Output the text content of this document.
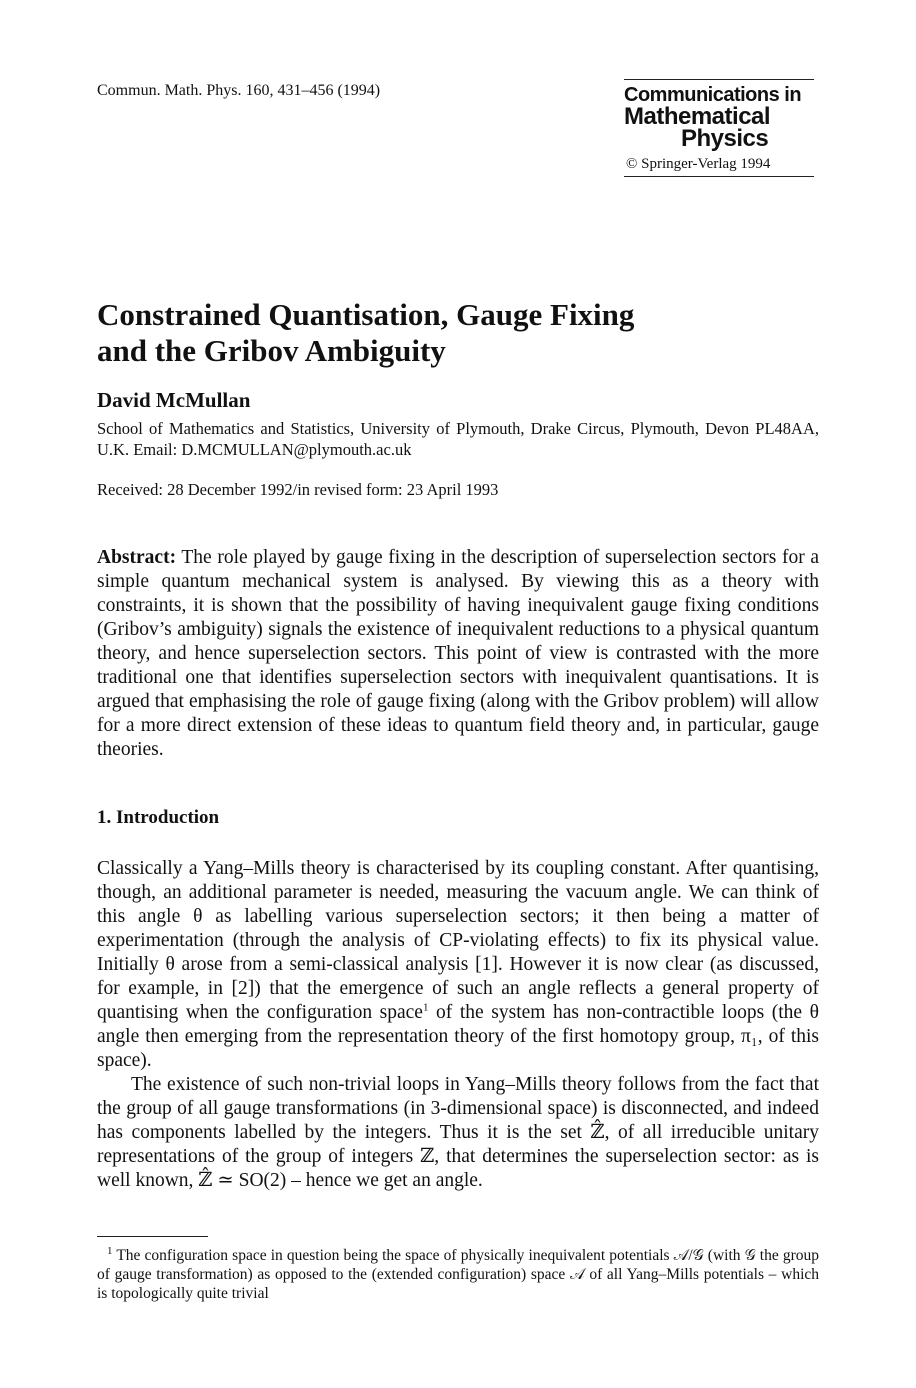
Commun. Math. Phys. 160, 431–456 (1994)	Communications in
Mathematical
Physics
© Springer-Verlag 1994
Constrained Quantisation, Gauge Fixing
and the Gribov Ambiguity
David McMullan
School of Mathematics and Statistics, University of Plymouth, Drake Circus, Plymouth, Devon PL48AA, U.K. Email: D.MCMULLAN@plymouth.ac.uk
Received: 28 December 1992/in revised form: 23 April 1993
Abstract: The role played by gauge fixing in the description of superselection sectors for a simple quantum mechanical system is analysed. By viewing this as a theory with constraints, it is shown that the possibility of having inequivalent gauge fixing conditions (Gribov’s ambiguity) signals the existence of inequivalent reductions to a physical quantum theory, and hence superselection sectors. This point of view is contrasted with the more traditional one that identifies superselection sectors with inequivalent quantisations. It is argued that emphasising the role of gauge fixing (along with the Gribov problem) will allow for a more direct extension of these ideas to quantum field theory and, in particular, gauge theories.
1. Introduction

Classically a Yang–Mills theory is characterised by its coupling constant. After quantising, though, an additional parameter is needed, measuring the vacuum angle. We can think of this angle θ as labelling various superselection sectors; it then being a matter of experimentation (through the analysis of CP-violating effects) to fix its physical value. Initially θ arose from a semi-classical analysis [1]. However it is now clear (as discussed, for example, in [2]) that the emergence of such an angle reflects a general property of quantising when the configuration space$^1$ of the system has non-contractible loops (the θ angle then emerging from the representation theory of the first homotopy group, π₁, of this space).

The existence of such non-trivial loops in Yang–Mills theory follows from the fact that the group of all gauge transformations (in 3-dimensional space) is disconnected, and indeed has components labelled by the integers. Thus it is the set ℤ̂, of all irreducible unitary representations of the group of integers ℤ, that determines the superselection sector: as is well known, ℤ̂ ≃ SO(2) – hence we get an angle.

$^1$ The configuration space in question being the space of physically inequivalent potentials 𝒜/𝒢 (with 𝒢 the group of gauge transformation) as opposed to the (extended configuration) space 𝒜 of all Yang–Mills potentials – which is topologically quite trivial
